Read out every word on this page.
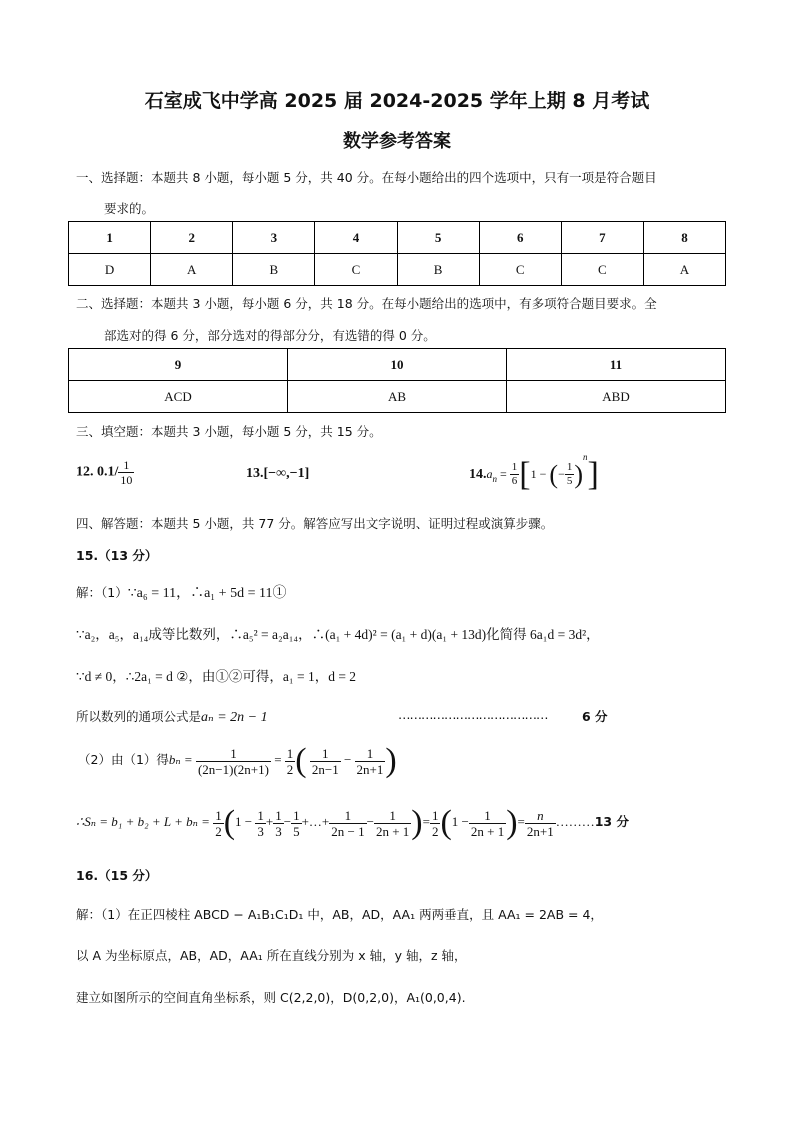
石室成飞中学高 2025 届 2024-2025 学年上期 8 月考试
数学参考答案
一、选择题：本题共 8 小题，每小题 5 分，共 40 分。在每小题给出的四个选项中，只有一项是符合题目
要求的。
1	2	3	4	5	6	7	8
D	A	B	C	B	C	C	A
二、选择题：本题共 3 小题，每小题 6 分，共 18 分。在每小题给出的选项中，有多项符合题目要求。全
部选对的得 6 分，部分选对的得部分分，有选错的得 0 分。
9	10	11
ACD	AB	ABD
三、填空题：本题共 3 小题，每小题 5 分，共 15 分。
12. $0.1/ \frac{1}{10}$	13.[−∞,−1]	$14.a_n = \frac{1}{6} [1$ − (− $\frac{1}{5} )^n$]
四、解答题：本题共 5 小题，共 77 分。解答应写出文字说明、证明过程或演算步骤。
15.（13 分）
解：（1）∵a₆ = 11，∴a₁ + 5d = 11①
∵a₂，a₅，a₁₄成等比数列，∴a₅² = a₂a₁₄，∴(a₁ + 4d)² = (a₁ + d)(a₁ + 13d)化简得 6a₁d = 3d²，
∵d ≠ 0，∴2a₁ = d ②，由①②可得，a₁ = 1，d = 2
所以数列的通项公式是aₙ = 2n − 1	…………………………………	6 分
（2）由（1）得$b_n = \frac{1}{(2n-1)(2n+1)} = \frac{1}{2}$ ( $\frac{1}{2n-1} - \frac{1}{2n+1}$ )
∴Sₙ = $b_1 + b_2 + L + b_n = \frac{1}{2} (1 - \frac{1}{3} + \frac{1}{3} - \frac{1}{5}$ +…+ $\frac{1}{2n - 1} - \frac{1}{2n + 1}$ )= $\frac{1}{2} (1 - \frac{1}{2n + 1}$ )= $\frac{n}{2n+1}$ ………13 分
16.（15 分）
解：（1）在正四棱柱 ABCD − A₁B₁C₁D₁ 中，AB，AD，AA₁ 两两垂直，且 AA₁ = 2AB = 4，
以 A 为坐标原点，AB，AD，AA₁ 所在直线分别为 x 轴，y 轴，z 轴，
建立如图所示的空间直角坐标系，则 C(2,2,0)，D(0,2,0)，A₁(0,0,4).
